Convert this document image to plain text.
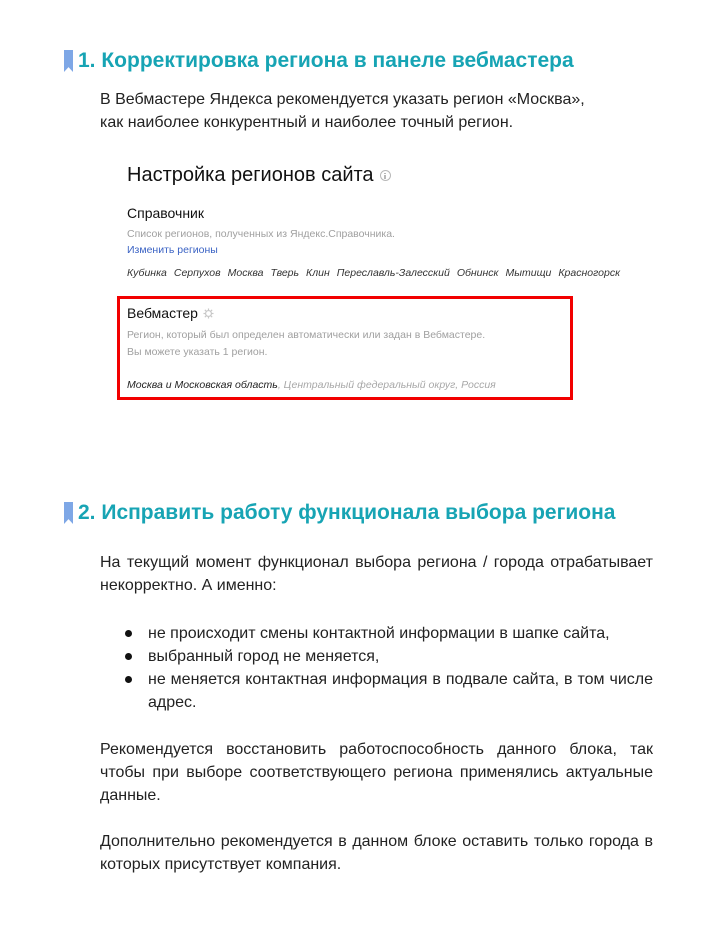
1. Корректировка региона в панеле вебмастера
В Вебмастере Яндекса рекомендуется указать регион «Москва»,
как наиболее конкурентный и наиболее точный регион.
Настройка регионов сайта
Справочник
Список регионов, полученных из Яндекс.Справочника.
Изменить регионы
Кубинка Серпухов Москва Тверь Клин Переславль-Залесский Обнинск Мытищи Красногорск
Вебмастер
Регион, который был определен автоматически или задан в Вебмастере.
Вы можете указать 1 регион.
Москва и Московская область, Центральный федеральный округ, Россия
2. Исправить работу функционала выбора региона
На текущий момент функционал выбора региона / города отрабатывает некорректно. А именно:
не происходит смены контактной информации в шапке сайта,
выбранный город не меняется,
не меняется контактная информация в подвале сайта, в том числе адрес.
Рекомендуется восстановить работоспособность данного блока, так чтобы при выборе соответствующего региона применялись актуальные данные.
Дополнительно рекомендуется в данном блоке оставить только города в которых присутствует компания.
